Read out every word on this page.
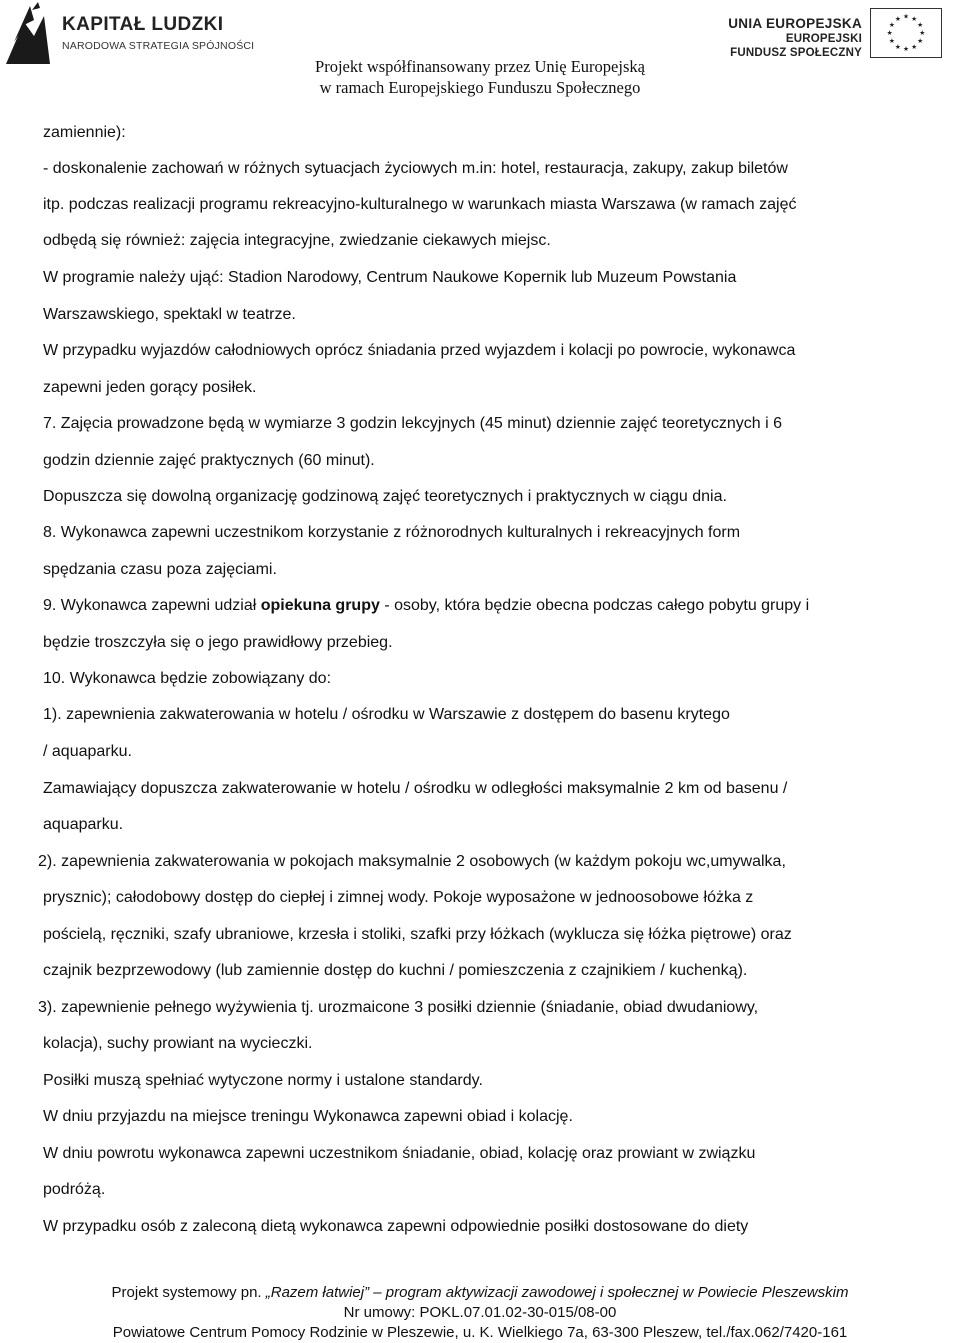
KAPITAŁ LUDZKI
NARODOWA STRATEGIA SPÓJNOŚCI
UNIA EUROPEJSKA
EUROPEJSKI
FUNDUSZ SPOŁECZNY
★ ★
★
★
★
★
★
★
★
★
★
★
Projekt współfinansowany przez Unię Europejską
w ramach Europejskiego Funduszu Społecznego
zamiennie):
- doskonalenie zachowań w różnych sytuacjach życiowych m.in: hotel, restauracja, zakupy, zakup biletów
itp. podczas realizacji programu rekreacyjno-kulturalnego w warunkach miasta Warszawa (w ramach zajęć
odbędą się również: zajęcia integracyjne, zwiedzanie ciekawych miejsc.
W programie należy ująć: Stadion Narodowy, Centrum Naukowe Kopernik lub Muzeum Powstania
Warszawskiego, spektakl w teatrze.
W przypadku wyjazdów całodniowych oprócz śniadania przed wyjazdem i kolacji po powrocie, wykonawca
zapewni jeden gorący posiłek.
7. Zajęcia prowadzone będą w wymiarze 3 godzin lekcyjnych (45 minut) dziennie zajęć teoretycznych i 6
godzin dziennie zajęć praktycznych (60 minut).
Dopuszcza się dowolną organizację godzinową zajęć teoretycznych i praktycznych w ciągu dnia.
8. Wykonawca zapewni uczestnikom korzystanie z różnorodnych kulturalnych i rekreacyjnych form
spędzania czasu poza zajęciami.
9. Wykonawca zapewni udział opiekuna grupy - osoby, która będzie obecna podczas całego pobytu grupy i
będzie troszczyła się o jego prawidłowy przebieg.
10. Wykonawca będzie zobowiązany do:
1). zapewnienia zakwaterowania w hotelu / ośrodku w Warszawie z dostępem do basenu krytego
/ aquaparku.
Zamawiający dopuszcza zakwaterowanie w hotelu / ośrodku w odległości maksymalnie 2 km od basenu /
aquaparku.
2). zapewnienia zakwaterowania w pokojach maksymalnie 2 osobowych (w każdym pokoju wc,umywalka,
prysznic); całodobowy dostęp do ciepłej i zimnej wody. Pokoje wyposażone w jednoosobowe łóżka z
pościelą, ręczniki, szafy ubraniowe, krzesła i stoliki, szafki przy łóżkach (wyklucza się łóżka piętrowe) oraz
czajnik bezprzewodowy (lub zamiennie dostęp do kuchni / pomieszczenia z czajnikiem / kuchenką).
3). zapewnienie pełnego wyżywienia tj. urozmaicone 3 posiłki dziennie (śniadanie, obiad dwudaniowy,
kolacja), suchy prowiant na wycieczki.
Posiłki muszą spełniać wytyczone normy i ustalone standardy.
W dniu przyjazdu na miejsce treningu Wykonawca zapewni obiad i kolację.
W dniu powrotu wykonawca zapewni uczestnikom śniadanie, obiad, kolację oraz prowiant w związku
podróżą.
W przypadku osób z zaleconą dietą wykonawca zapewni odpowiednie posiłki dostosowane do diety
Projekt systemowy pn. „Razem łatwiej” – program aktywizacji zawodowej i społecznej w Powiecie Pleszewskim
Nr umowy: POKL.07.01.02-30-015/08-00
Powiatowe Centrum Pomocy Rodzinie w Pleszewie, u. K. Wielkiego 7a, 63-300 Pleszew, tel./fax.062/7420-161
